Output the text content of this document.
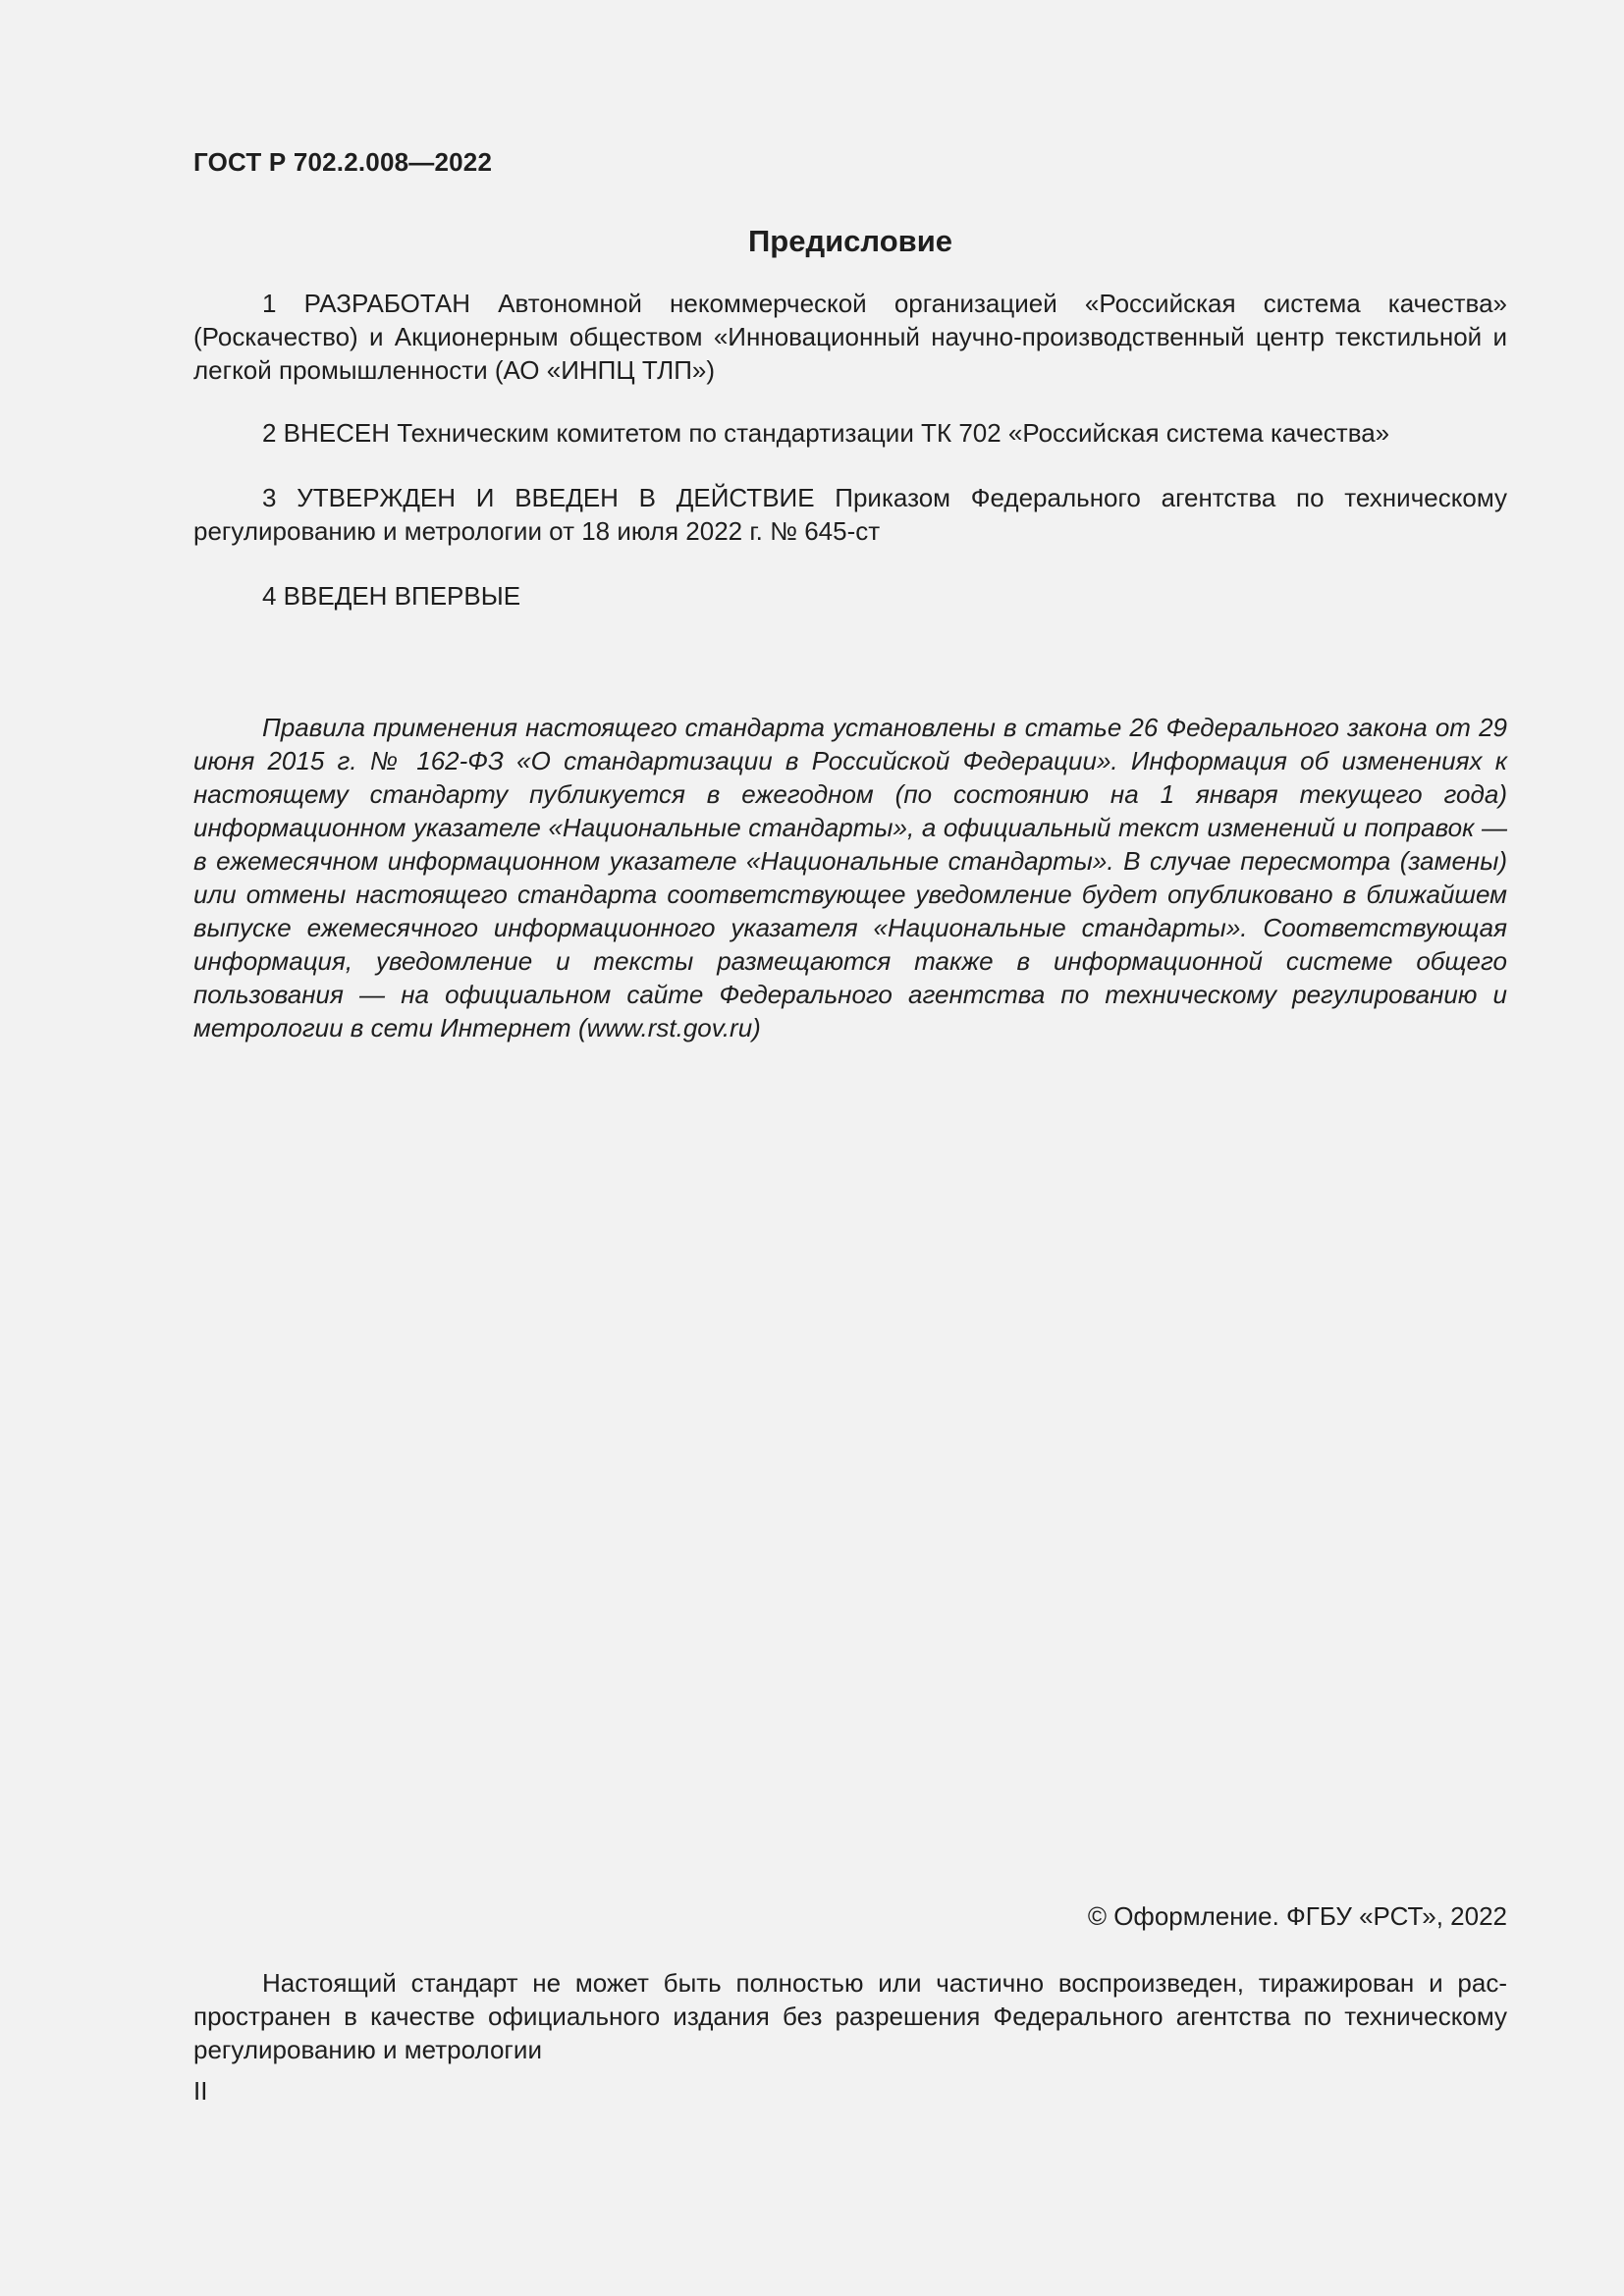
ГОСТ Р 702.2.008—2022
Предисловие

1 РАЗРАБОТАН Автономной некоммерческой организацией «Российская система качества» (Роскачество) и Акционерным обществом «Инновационный научно-производственный центр текстильной и легкой промышленности (АО «ИНПЦ ТЛП»)

2 ВНЕСЕН Техническим комитетом по стандартизации ТК 702 «Российская система качества»

3 УТВЕРЖДЕН И ВВЕДЕН В ДЕЙСТВИЕ Приказом Федерального агентства по техническому регулированию и метрологии от 18 июля 2022 г. № 645-ст

4 ВВЕДЕН ВПЕРВЫЕ

Правила применения настоящего стандарта установлены в статье 26 Федерального закона от 29 июня 2015 г. № 162-ФЗ «О стандартизации в Российской Федерации». Информация об изменениях к настоящему стандарту публикуется в ежегодном (по состоянию на 1 января текущего года) информационном указателе «Национальные стандарты», а официальный текст изменений и поправок — в ежемесячном информационном указателе «Национальные стандарты». В случае пересмотра (замены) или отмены настоящего стандарта соответствующее уведомление будет опубликовано в ближайшем выпуске ежемесячного информационного указателя «Национальные стандарты». Соответствующая информация, уведомление и тексты размещаются также в информационной системе общего пользования — на официальном сайте Федерального агентства по техническому регулированию и метрологии в сети Интернет (www.rst.gov.ru)

© Оформление. ФГБУ «РСТ», 2022

Настоящий стандарт не может быть полностью или частично воспроизведен, тиражирован и распространен в качестве официального издания без разрешения Федерального агентства по техническому регулированию и метрологии

II
